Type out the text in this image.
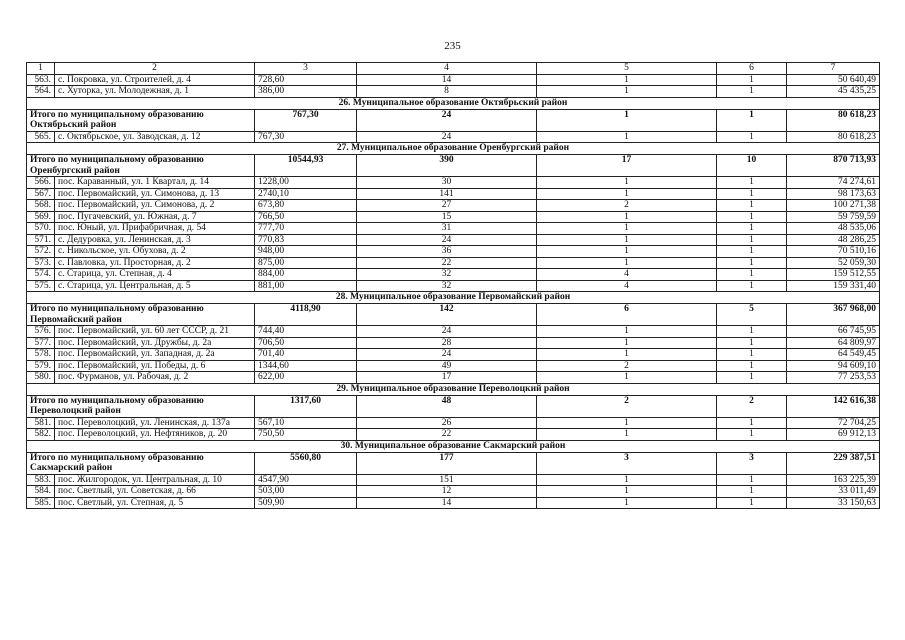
235
1	2	3	4	5	6	7
563.	с. Покровка, ул. Строителей, д. 4	728,60	14	1	1	50 640,49
564.	с. Хуторка, ул. Молодежная, д. 1	386,00	8	1	1	45 435,25
26. Муниципальное образование Октябрьский район						
Итого по муниципальному образованию Октябрьский район		767,30	24	1	1	80 618,23
565.	с. Октябрьское, ул. Заводская, д. 12	767,30	24	1	1	80 618,23
27. Муниципальное образование Оренбургский район						
Итого по муниципальному образованию Оренбургский район		10544,93	390	17	10	870 713,93
566.	пос. Караванный, ул. 1 Квартал, д. 14	1228,00	30	1	1	74 274,61
567.	пос. Первомайский, ул. Симонова, д. 13	2740,10	141	1	1	98 173,63
568.	пос. Первомайский, ул. Симонова, д. 2	673,80	27	2	1	100 271,38
569.	пос. Пугачевский, ул. Южная, д. 7	766,50	15	1	1	59 759,59
570.	пос. Юный, ул. Прифабричная, д. 54	777,70	31	1	1	48 535,06
571.	с. Дедуровка, ул. Ленинская, д. 3	770,83	24	1	1	48 286,25
572.	с. Никольское, ул. Обухова, д. 2	948,00	36	1	1	70 510,16
573.	с. Павловка, ул. Просторная, д. 2	875,00	22	1	1	52 059,30
574.	с. Старица, ул. Степная, д. 4	884,00	32	4	1	159 512,55
575.	с. Старица, ул. Центральная, д. 5	881,00	32	4	1	159 331,40
28. Муниципальное образование Первомайский район						
Итого по муниципальному образованию Первомайский район		4118,90	142	6	5	367 968,00
576.	пос. Первомайский, ул. 60 лет СССР, д. 21	744,40	24	1	1	66 745,95
577.	пос. Первомайский, ул. Дружбы, д. 2а	706,50	28	1	1	64 809,97
578.	пос. Первомайский, ул. Западная, д. 2а	701,40	24	1	1	64 549,45
579.	пос. Первомайский, ул. Победы, д. 6	1344,60	49	2	1	94 609,10
580.	пос. Фурманов, ул. Рабочая, д. 2	622,00	17	1	1	77 253,53
29. Муниципальное образование Переволоцкий район						
Итого по муниципальному образованию Переволоцкий район		1317,60	48	2	2	142 616,38
581.	пос. Переволоцкий, ул. Ленинская, д. 137а	567,10	26	1	1	72 704,25
582.	пос. Переволоцкий, ул. Нефтяников, д. 20	750,50	22	1	1	69 912,13
30. Муниципальное образование Сакмарский район						
Итого по муниципальному образованию Сакмарский район		5560,80	177	3	3	229 387,51
583.	пос. Жилгородок, ул. Центральная, д. 10	4547,90	151	1	1	163 225,39
584.	пос. Светлый, ул. Советская, д. 66	503,00	12	1	1	33 011,49
585.	пос. Светлый, ул. Степная, д. 5	509,90	14	1	1	33 150,63
